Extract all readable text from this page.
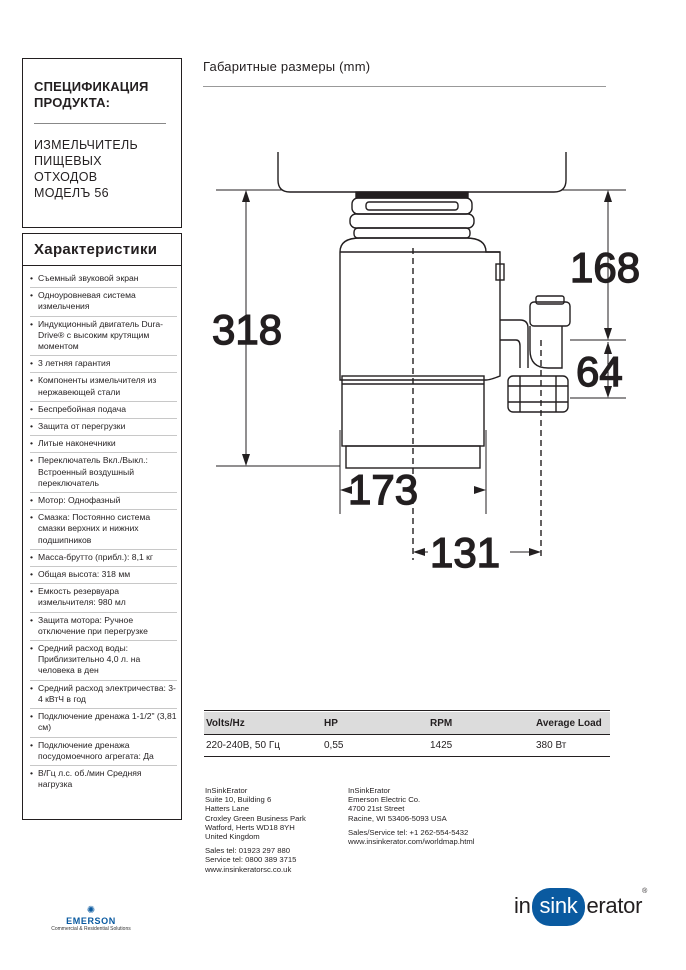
СПЕЦИФИКАЦИЯ
ПРОДУКТА:
ИЗМЕЛЬЧИТЕЛЬ
ПИЩЕВЫХ
ОТХОДОВ
МОДЕЛЪ 56
Характеристики
• Съемный звуковой экран
• Одноуровневая система измельчения
• Индукционный двигатель Dura-Drive® с высоким крутящим моментом
• 3 летняя гарантия
• Компоненты измельчителя из нержавеющей стали
• Беспребойная подача
• Защита от перегрузки
• Литые наконечники
• Переключатель Вкл./Выкл.: Встроенный воздушный переключатель
• Мотор: Однофазный
• Смазка: Постоянно система смазки верхних и нижних подшипников
• Масса-брутто (прибл.): 8,1 кг
• Общая высота: 318 мм
• Емкость резервуара измельчителя: 980 мл
• Защита мотора: Ручное отключение при перегрузке
• Средний расход воды: Приблизительно 4,0 л. на человека в ден
• Средний расход электричества: 3-4 кВтЧ в год
• Подключение дренажа 1-1/2" (3,81 см)
• Подключение дренажа посудомоечного агрегата: Да
• В/Гц л.с. об./мин Средняя нагрузка
Габаритные размеры (mm)
318
168
64
173
131
Volts/Hz	HP	RPM	Average Load
220-240В, 50 Гц	0,55	1425	380 Вт
InSinkErator
Suite 10, Building 6
Hatters Lane
Croxley Green Business Park
Watford, Herts WD18 8YH
United Kingdom
Sales tel: 01923 297 880
Service tel: 0800 389 3715
www.insinkeratorsc.co.uk
InSinkErator
Emerson Electric Co.
4700 21st Street
Racine, WI 53406-5093 USA
Sales/Service tel: +1 262-554-5432
www.insinkerator.com/worldmap.html
✺
EMERSON
Commercial & Residential Solutions
in sink erator®
